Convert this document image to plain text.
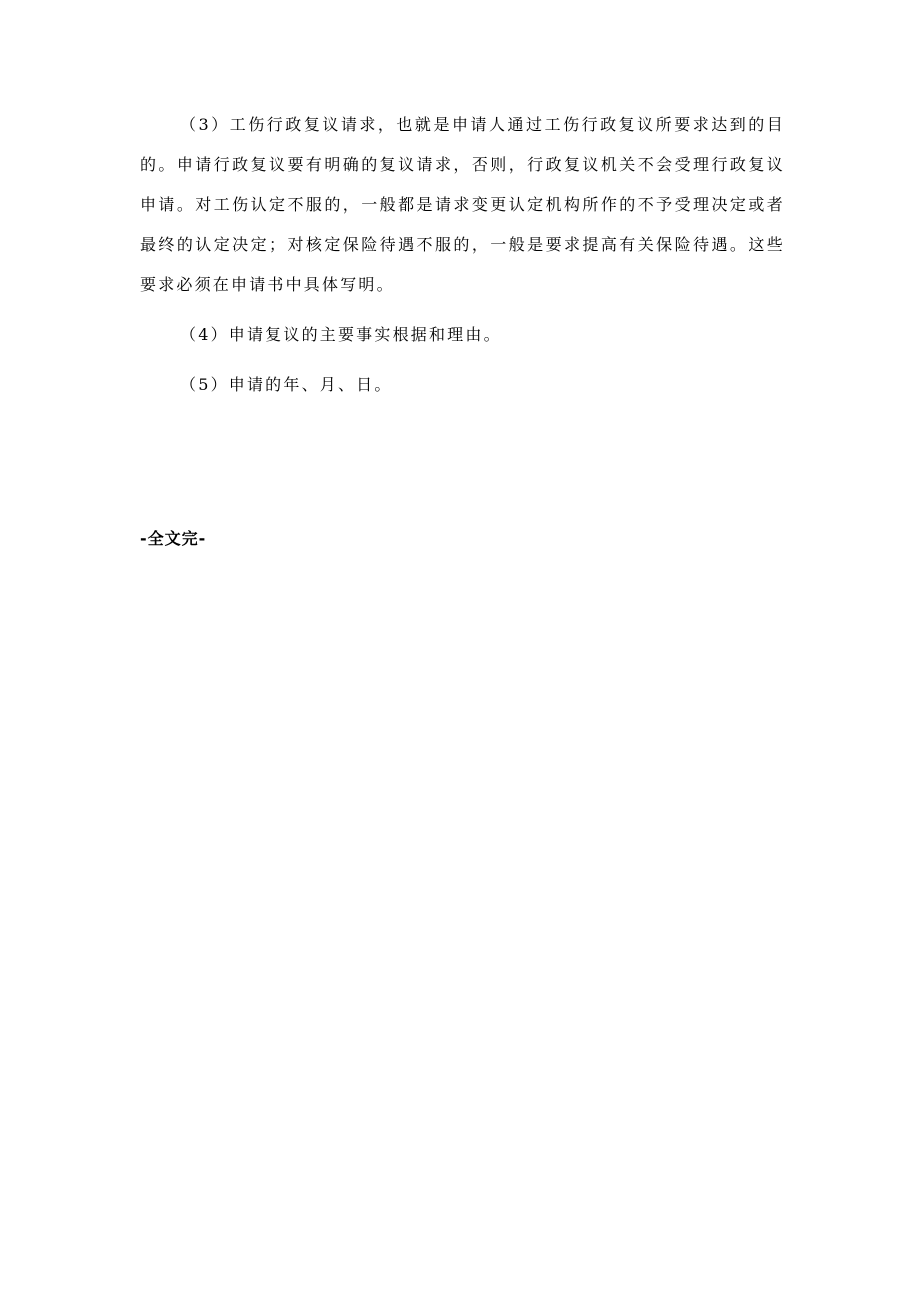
（3）工伤行政复议请求，也就是申请人通过工伤行政复议所要求达到的目的。申请行政复议要有明确的复议请求，否则，行政复议机关不会受理行政复议申请。对工伤认定不服的，一般都是请求变更认定机构所作的不予受理决定或者最终的认定决定；对核定保险待遇不服的，一般是要求提高有关保险待遇。这些要求必须在申请书中具体写明。

（4）申请复议的主要事实根据和理由。

（5）申请的年、月、日。

-全文完-
